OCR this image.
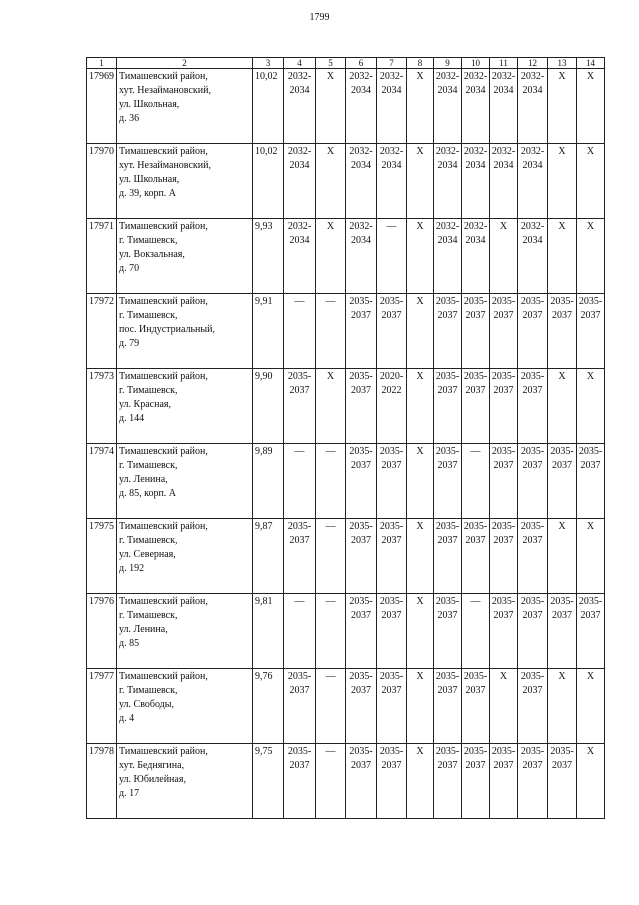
1799
1	2	3	4	5	6	7	8	9	10	11	12	13	14
17969	Тимашевский район,
хут. Незаймановский,
ул. Школьная,
д. 36	10,02	2032-
2034	Х	2032-
2034	2032-
2034	Х	2032-
2034	2032-
2034	2032-
2034	2032-
2034	Х	Х
17970	Тимашевский район,
хут. Незаймановский,
ул. Школьная,
д. 39, корп. А	10,02	2032-
2034	Х	2032-
2034	2032-
2034	Х	2032-
2034	2032-
2034	2032-
2034	2032-
2034	Х	Х
17971	Тимашевский район,
г. Тимашевск,
ул. Вокзальная,
д. 70	9,93	2032-
2034	Х	2032-
2034	—	Х	2032-
2034	2032-
2034	Х	2032-
2034	Х	Х
17972	Тимашевский район,
г. Тимашевск,
пос. Индустриальный,
д. 79	9,91	—	—	2035-
2037	2035-
2037	Х	2035-
2037	2035-
2037	2035-
2037	2035-
2037	2035-
2037	2035-
2037
17973	Тимашевский район,
г. Тимашевск,
ул. Красная,
д. 144	9,90	2035-
2037	Х	2035-
2037	2020-
2022	Х	2035-
2037	2035-
2037	2035-
2037	2035-
2037	Х	Х
17974	Тимашевский район,
г. Тимашевск,
ул. Ленина,
д. 85, корп. А	9,89	—	—	2035-
2037	2035-
2037	Х	2035-
2037	—	2035-
2037	2035-
2037	2035-
2037	2035-
2037
17975	Тимашевский район,
г. Тимашевск,
ул. Северная,
д. 192	9,87	2035-
2037	—	2035-
2037	2035-
2037	Х	2035-
2037	2035-
2037	2035-
2037	2035-
2037	Х	Х
17976	Тимашевский район,
г. Тимашевск,
ул. Ленина,
д. 85	9,81	—	—	2035-
2037	2035-
2037	Х	2035-
2037	—	2035-
2037	2035-
2037	2035-
2037	2035-
2037
17977	Тимашевский район,
г. Тимашевск,
ул. Свободы,
д. 4	9,76	2035-
2037	—	2035-
2037	2035-
2037	Х	2035-
2037	2035-
2037	Х	2035-
2037	Х	Х
17978	Тимашевский район,
хут. Беднягина,
ул. Юбилейная,
д. 17	9,75	2035-
2037	—	2035-
2037	2035-
2037	Х	2035-
2037	2035-
2037	2035-
2037	2035-
2037	2035-
2037	Х
